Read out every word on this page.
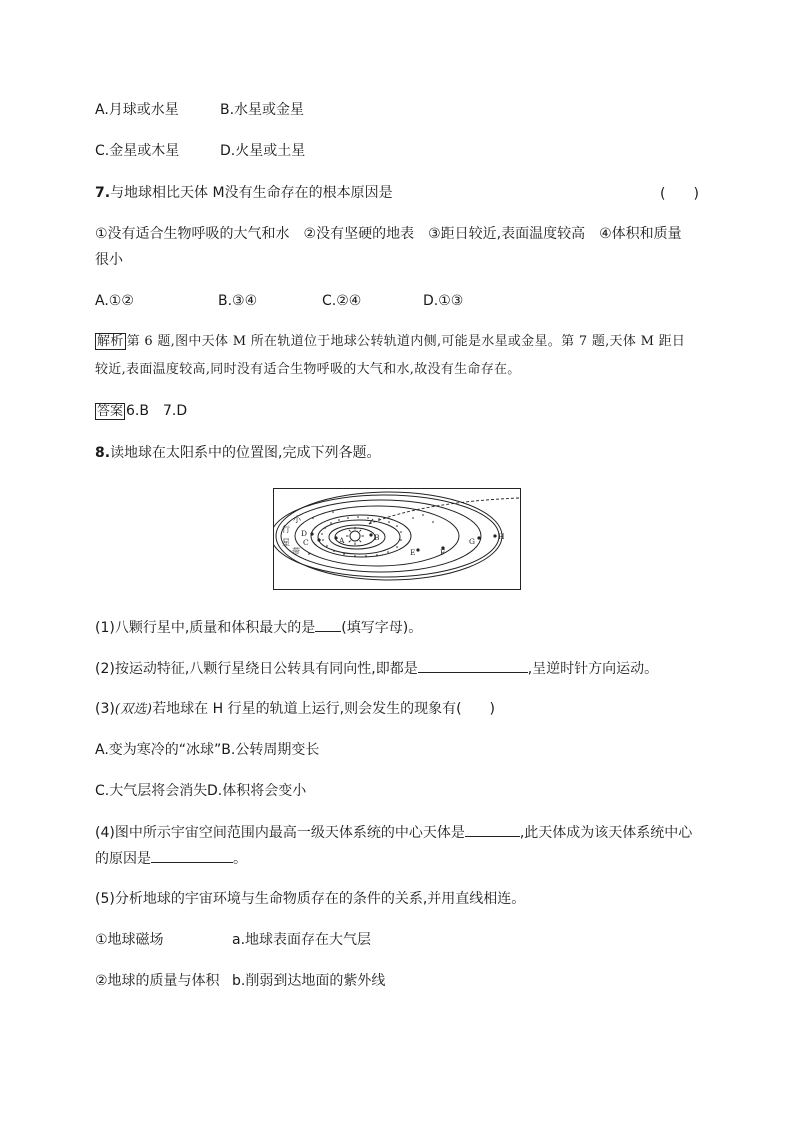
A.月球或水星	B.水星或金星
C.金星或木星	D.火星或土星
7.与地球相比天体 M没有生命存在的根本原因是	(　　)
①没有适合生物呼吸的大气和水　②没有坚硬的地表　③距日较近,表面温度较高　④体积和质量
很小
A.①②	B.③④	C.②④	D.①③
解析 第 6 题,图中天体 M 所在轨道位于地球公转轨道内侧,可能是水星或金星。第 7 题,天体 M 距日
较近,表面温度较高,同时没有适合生物呼吸的大气和水,故没有生命存在。
答案 6.B　7.D
8.读地球在太阳系中的位置图,完成下列各题。
小
行
星
带
A	B
C
D
E	F
G
H
(1)八颗行星中,质量和体积最大的是 (填写字母)。
(2)按运动特征,八颗行星绕日公转具有同向性,即都是	,呈逆时针方向运动。
(3)(双选)若地球在 H 行星的轨道上运行,则会发生的现象有(　　)
A.变为寒冷的“冰球”B.公转周期变长
C.大气层将会消失D.体积将会变小
(4)图中所示宇宙空间范围内最高一级天体系统的中心天体是	,此天体成为该天体系统中心
的原因是	。
(5)分析地球的宇宙环境与生命物质存在的条件的关系,并用直线相连。
①地球磁场	a.地球表面存在大气层
②地球的质量与体积 b.削弱到达地面的紫外线
